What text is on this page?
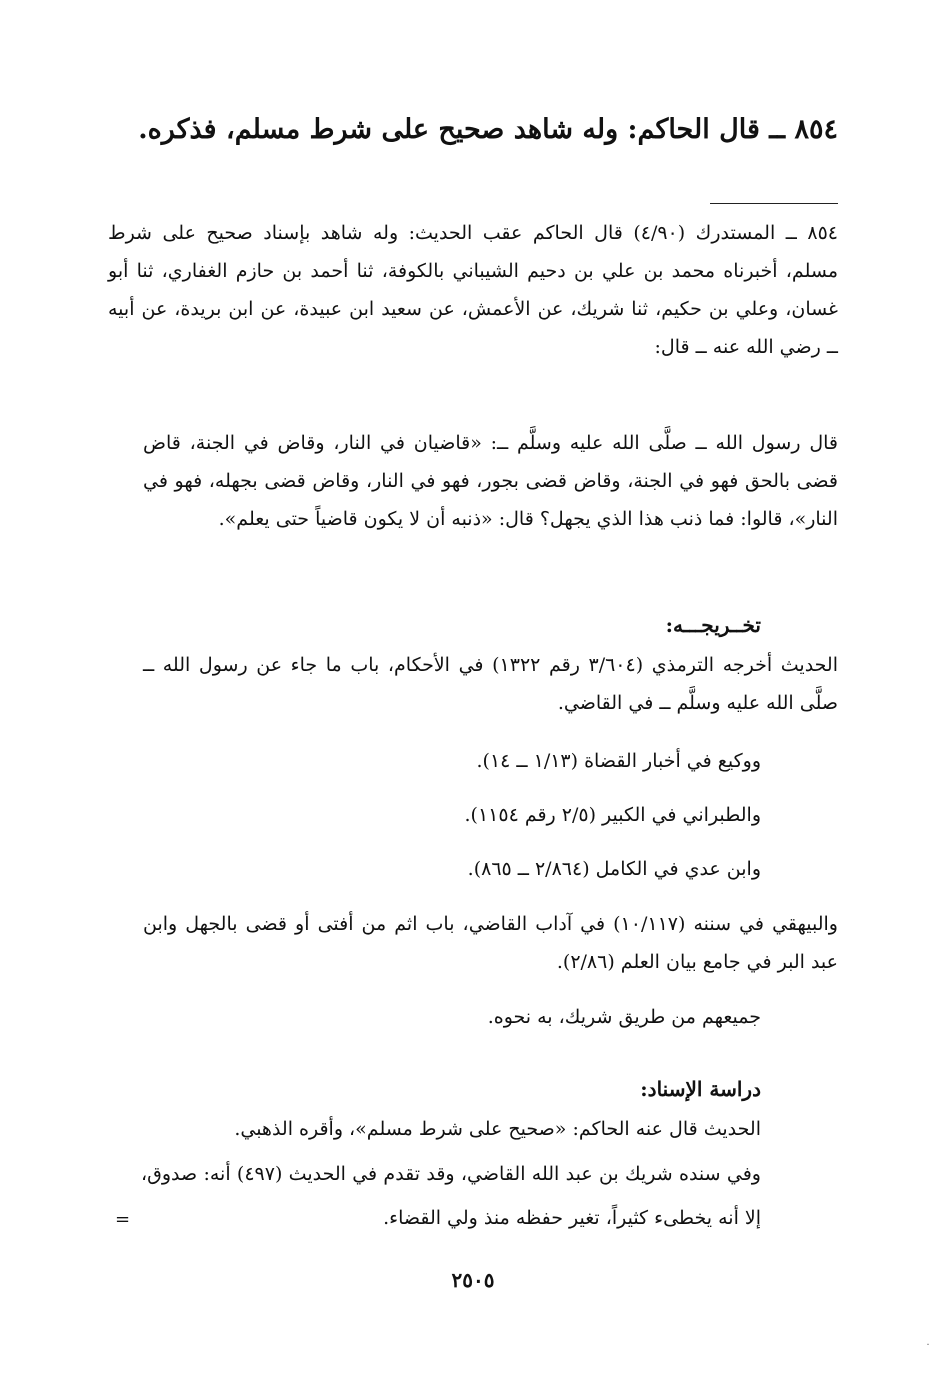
٨٥٤ ــ قال الحاكم: وله شاهد صحيح على شرط مسلم، فذكره.
٨٥٤ ــ المستدرك (٤/٩٠) قال الحاكم عقب الحديث: وله شاهد بإسناد صحيح على شرط مسلم، أخبرناه محمد بن علي بن دحيم الشيباني بالكوفة، ثنا أحمد بن حازم الغفاري، ثنا أبو غسان، وعلي بن حكيم، ثنا شريك، عن الأعمش، عن سعيد ابن عبيدة، عن ابن بريدة، عن أبيه ــ رضي الله عنه ــ قال:
قال رسول الله ــ صلَّى الله عليه وسلَّم ــ: «قاضيان في النار، وقاض في الجنة، قاض قضى بالحق فهو في الجنة، وقاض قضى بجور، فهو في النار، وقاض قضى بجهله، فهو في النار»، قالوا: فما ذنب هذا الذي يجهل؟ قال: «ذنبه أن لا يكون قاضياً حتى يعلم».
تخــريجـــه:
الحديث أخرجه الترمذي (٣/٦٠٤ رقم ١٣٢٢) في الأحكام، باب ما جاء عن رسول الله ــ صلَّى الله عليه وسلَّم ــ في القاضي.
ووكيع في أخبار القضاة (١/١٣ ــ ١٤).
والطبراني في الكبير (٢/٥ رقم ١١٥٤).
وابن عدي في الكامل (٢/٨٦٤ ــ ٨٦٥).
والبيهقي في سننه (١٠/١١٧) في آداب القاضي، باب اثم من أفتى أو قضى بالجهل وابن عبد البر في جامع بيان العلم (٢/٨٦).
جميعهم من طريق شريك، به نحوه.
دراسة الإسناد:
الحديث قال عنه الحاكم: «صحيح على شرط مسلم»، وأقره الذهبي.
وفي سنده شريك بن عبد الله القاضي، وقد تقدم في الحديث (٤٩٧) أنه: صدوق، إلا أنه يخطىء كثيراً، تغير حفظه منذ ولي القضاء.
=
٢٥٠٥
˙
